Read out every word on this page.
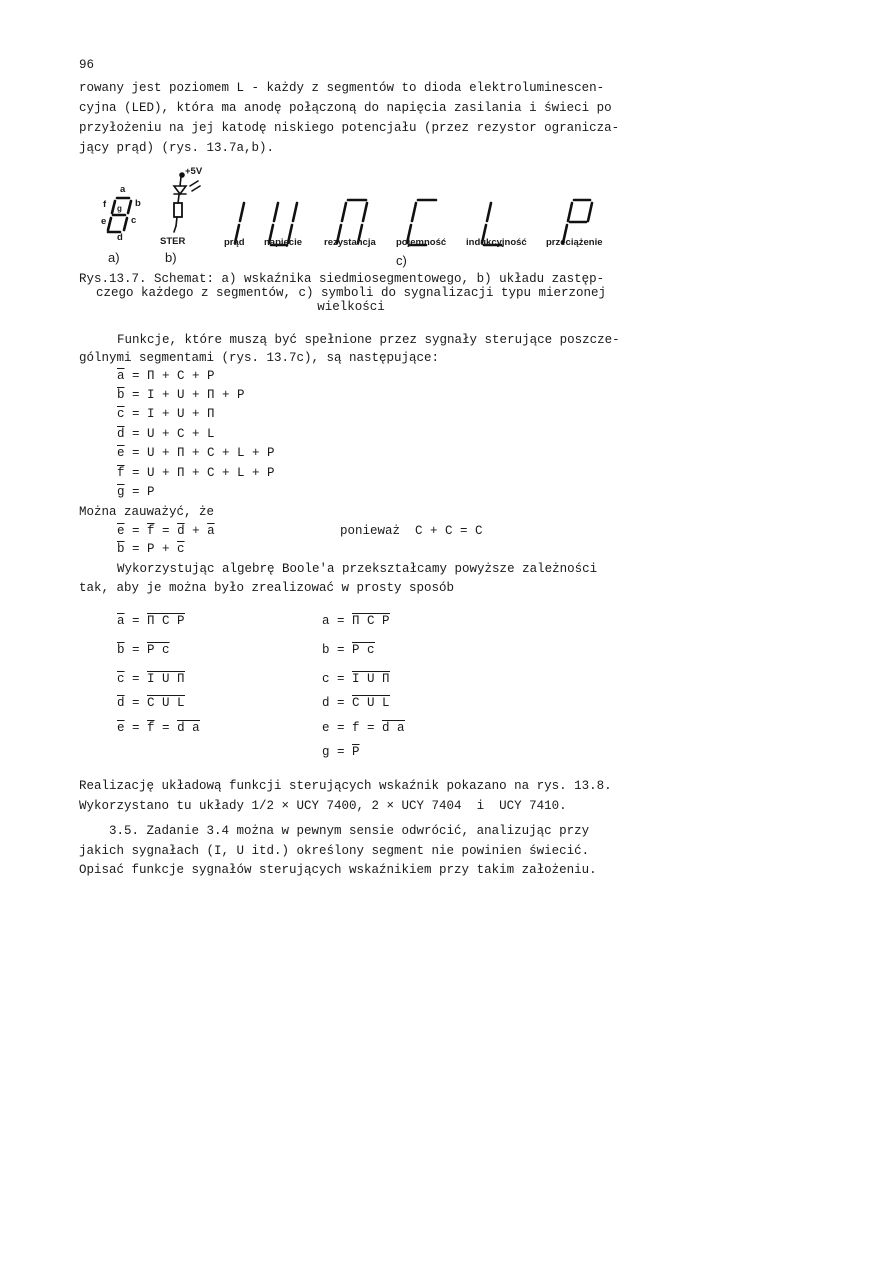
96
rowany jest poziomem L - każdy z segmentów to dioda elektroluminescen-
cyjna (LED), która ma anodę połączoną do napięcia zasilania i świeci po
przyłożeniu na jej katodę niskiego potencjału (przez rezystor ogranicza-
jący prąd) (rys. 13.7a,b).
a
f g b
e	c
d
+5V
STER
a)	b)	c)
prąd napięcie rezystancja pojemność indukcyjność przeciążenie
Rys.13.7. Schemat: a) wskaźnika siedmiosegmentowego, b) układu zastęp-
czego każdego z segmentów, c) symboli do sygnalizacji typu mierzonej
wielkości
Funkcje, które muszą być spełnione przez sygnały sterujące poszcze-
gólnymi segmentami (rys. 13.7c), są następujące:
$\overline{a} = \Pi + C + P$
$\overline{b} = I + U + \Pi + P$
$\overline{c} = I + U + \Pi$
$\overline{d} = U + C + L$
$\overline{e} = U + \Pi + C + L + P$
$\overline{f} = U + \Pi + C + L + P$
$\overline{g} = P$
Można zauważyć, że
$\overline{e} = \overline{f} = \overline{d} + \overline{a}$	ponieważ  C + C = C
$\overline{b} = P + \overline{c}$
Wykorzystując algebrę Boole'a przekształcamy powyższe zależności
tak, aby je można było zrealizować w prosty sposób
$\overline{a} = \Pi$ C P
$\overline{b} = P$ c
$\overline{c} = I$ U Π
$\overline{d} = C$ U L
$\overline{e} = \overline{f} = d$ a
a = Π C P
b = P c
c = I U Π
d = C U L
e = f = d a
$g = \overline{P}$
Realizację układową funkcji sterujących wskaźnik pokazano na rys. 13.8.
Wykorzystano tu układy 1/2 × UCY 7400, 2 × UCY 7404  i  UCY 7410.
3.5. Zadanie 3.4 można w pewnym sensie odwrócić, analizując przy
jakich sygnałach (I, U itd.) określony segment nie powinien świecić.
Opisać funkcje sygnałów sterujących wskaźnikiem przy takim założeniu.
